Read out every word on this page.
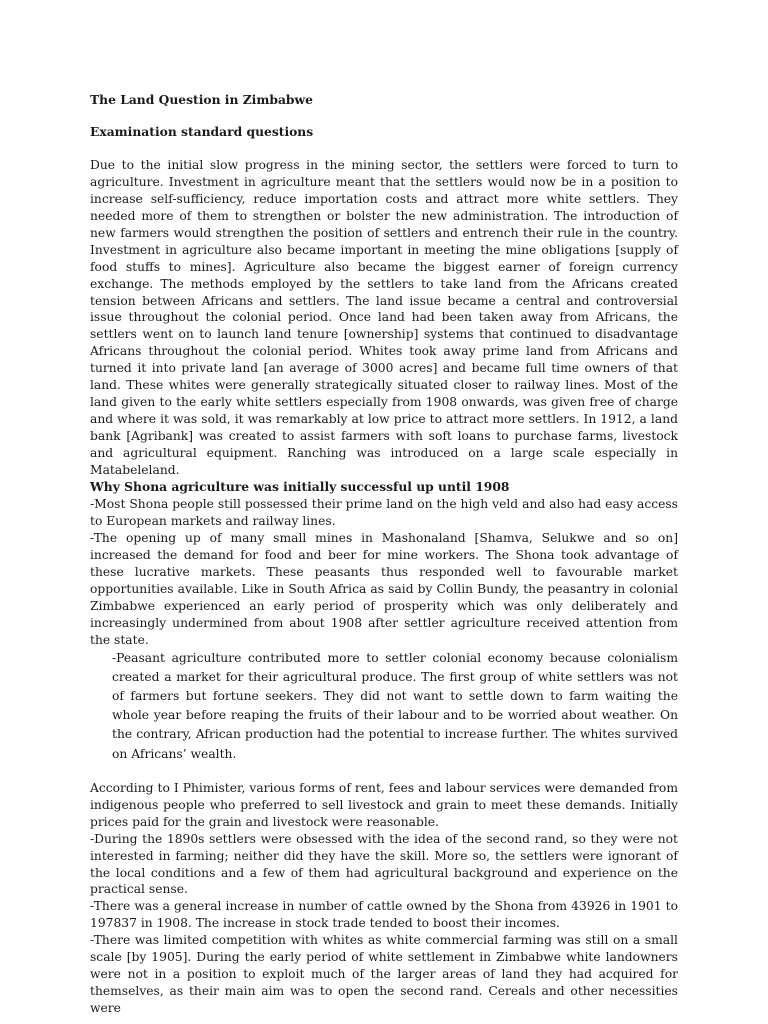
The Land Question in Zimbabwe

Examination standard questions

Due to the initial slow progress in the mining sector, the settlers were forced to turn to agriculture. Investment in agriculture meant that the settlers would now be in a position to increase self-sufficiency, reduce importation costs and attract more white settlers. They needed more of them to strengthen or bolster the new administration. The introduction of new farmers would strengthen the position of settlers and entrench their rule in the country. Investment in agriculture also became important in meeting the mine obligations [supply of food stuffs to mines]. Agriculture also became the biggest earner of foreign currency exchange. The methods employed by the settlers to take land from the Africans created tension between Africans and settlers. The land issue became a central and controversial issue throughout the colonial period. Once land had been taken away from Africans, the settlers went on to launch land tenure [ownership] systems that continued to disadvantage Africans throughout the colonial period. Whites took away prime land from Africans and turned it into private land [an average of 3000 acres] and became full time owners of that land. These whites were generally strategically situated closer to railway lines. Most of the land given to the early white settlers especially from 1908 onwards, was given free of charge and where it was sold, it was remarkably at low price to attract more settlers. In 1912, a land bank [Agribank] was created to assist farmers with soft loans to purchase farms, livestock and agricultural equipment. Ranching was introduced on a large scale especially in Matabeleland.

Why Shona agriculture was initially successful up until 1908

-Most Shona people still possessed their prime land on the high veld and also had easy access to European markets and railway lines.

-The opening up of many small mines in Mashonaland [Shamva, Selukwe and so on] increased the demand for food and beer for mine workers. The Shona took advantage of these lucrative markets. These peasants thus responded well to favourable market opportunities available. Like in South Africa as said by Collin Bundy, the peasantry in colonial Zimbabwe experienced an early period of prosperity which was only deliberately and increasingly undermined from about 1908 after settler agriculture received attention from the state.

-Peasant agriculture contributed more to settler colonial economy because colonialism created a market for their agricultural produce. The first group of white settlers was not of farmers but fortune seekers. They did not want to settle down to farm waiting the whole year before reaping the fruits of their labour and to be worried about weather. On the contrary, African production had the potential to increase further. The whites survived on Africans’ wealth.

According to I Phimister, various forms of rent, fees and labour services were demanded from indigenous people who preferred to sell livestock and grain to meet these demands. Initially prices paid for the grain and livestock were reasonable.

-During the 1890s settlers were obsessed with the idea of the second rand, so they were not interested in farming; neither did they have the skill. More so, the settlers were ignorant of the local conditions and a few of them had agricultural background and experience on the practical sense.

-There was a general increase in number of cattle owned by the Shona from 43926 in 1901 to 197837 in 1908. The increase in stock trade tended to boost their incomes.

-There was limited competition with whites as white commercial farming was still on a small scale [by 1905]. During the early period of white settlement in Zimbabwe white landowners were not in a position to exploit much of the larger areas of land they had acquired for themselves, as their main aim was to open the second rand. Cereals and other necessities were
